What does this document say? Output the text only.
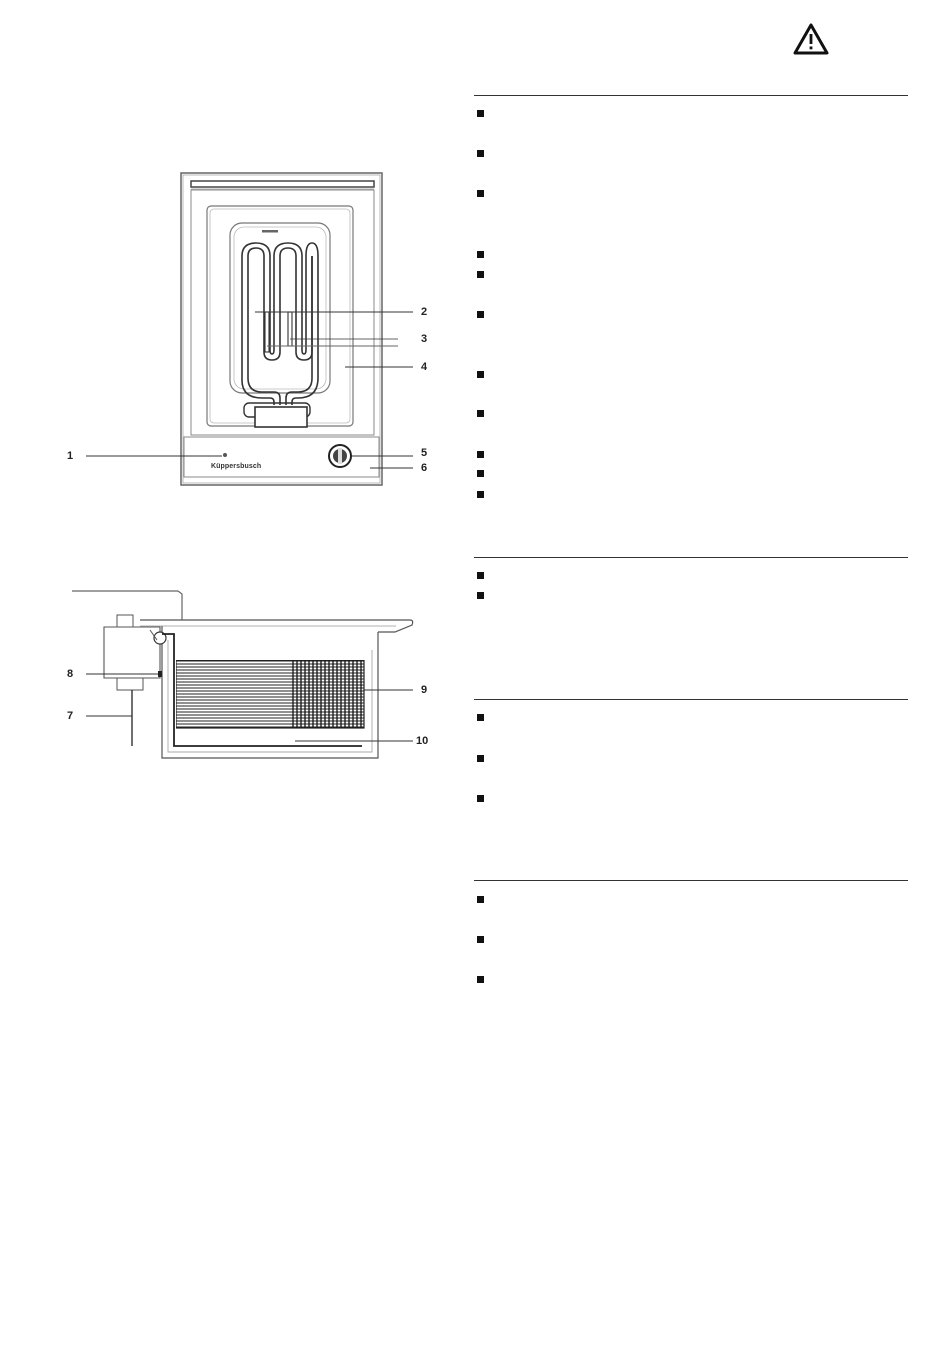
Küppersbusch
1
2
3
4
5
6
7
8
9
10
